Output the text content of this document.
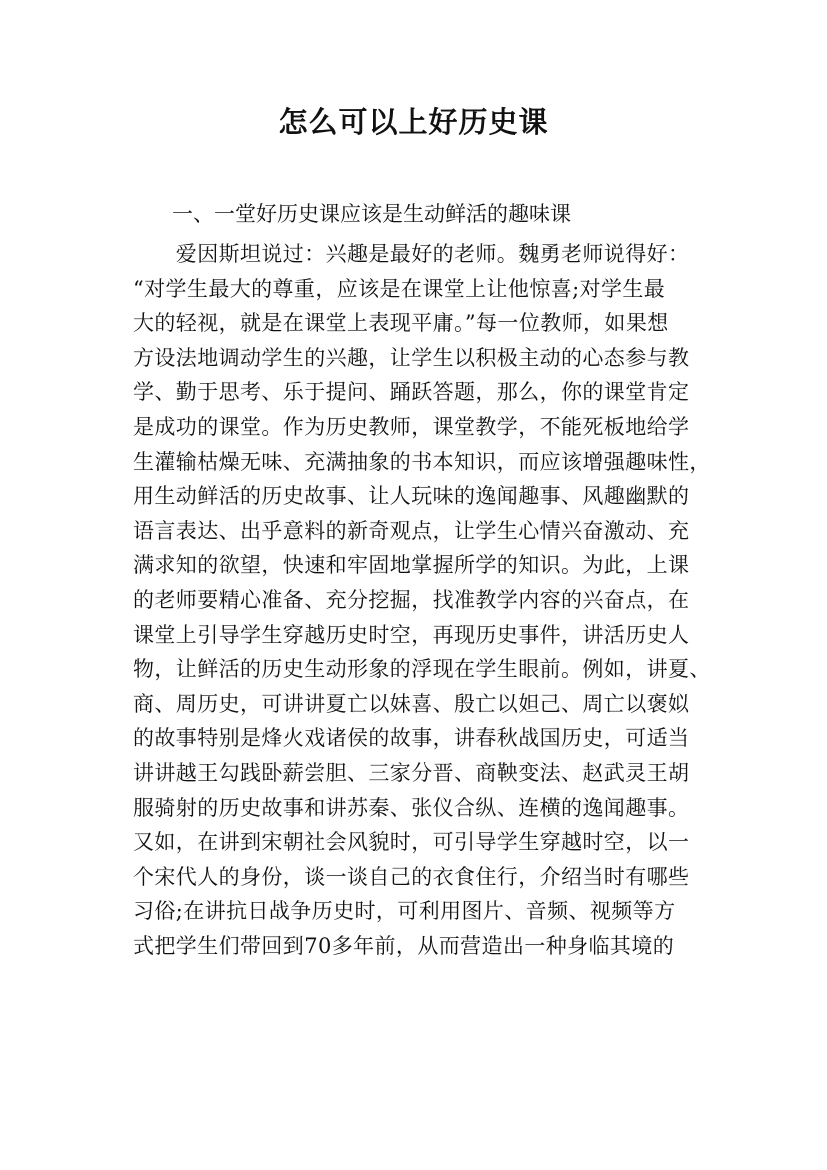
怎么可以上好历史课

一、一堂好历史课应该是生动鲜活的趣味课

　　爱因斯坦说过：兴趣是最好的老师。魏勇老师说得好：
“对学生最大的尊重，应该是在课堂上让他惊喜;对学生最
大的轻视，就是在课堂上表现平庸。”每一位教师，如果想
方设法地调动学生的兴趣，让学生以积极主动的心态参与教
学、勤于思考、乐于提问、踊跃答题，那么，你的课堂肯定
是成功的课堂。作为历史教师，课堂教学，不能死板地给学
生灌输枯燥无味、充满抽象的书本知识，而应该增强趣味性，
用生动鲜活的历史故事、让人玩味的逸闻趣事、风趣幽默的
语言表达、出乎意料的新奇观点，让学生心情兴奋激动、充
满求知的欲望，快速和牢固地掌握所学的知识。为此，上课
的老师要精心准备、充分挖掘，找准教学内容的兴奋点，在
课堂上引导学生穿越历史时空，再现历史事件，讲活历史人
物，让鲜活的历史生动形象的浮现在学生眼前。例如，讲夏、
商、周历史，可讲讲夏亡以妹喜、殷亡以妲己、周亡以褒姒
的故事特别是烽火戏诸侯的故事，讲春秋战国历史，可适当
讲讲越王勾践卧薪尝胆、三家分晋、商鞅变法、赵武灵王胡
服骑射的历史故事和讲苏秦、张仪合纵、连横的逸闻趣事。
又如，在讲到宋朝社会风貌时，可引导学生穿越时空，以一
个宋代人的身份，谈一谈自己的衣食住行，介绍当时有哪些
习俗;在讲抗日战争历史时，可利用图片、音频、视频等方
式把学生们带回到70多年前，从而营造出一种身临其境的
